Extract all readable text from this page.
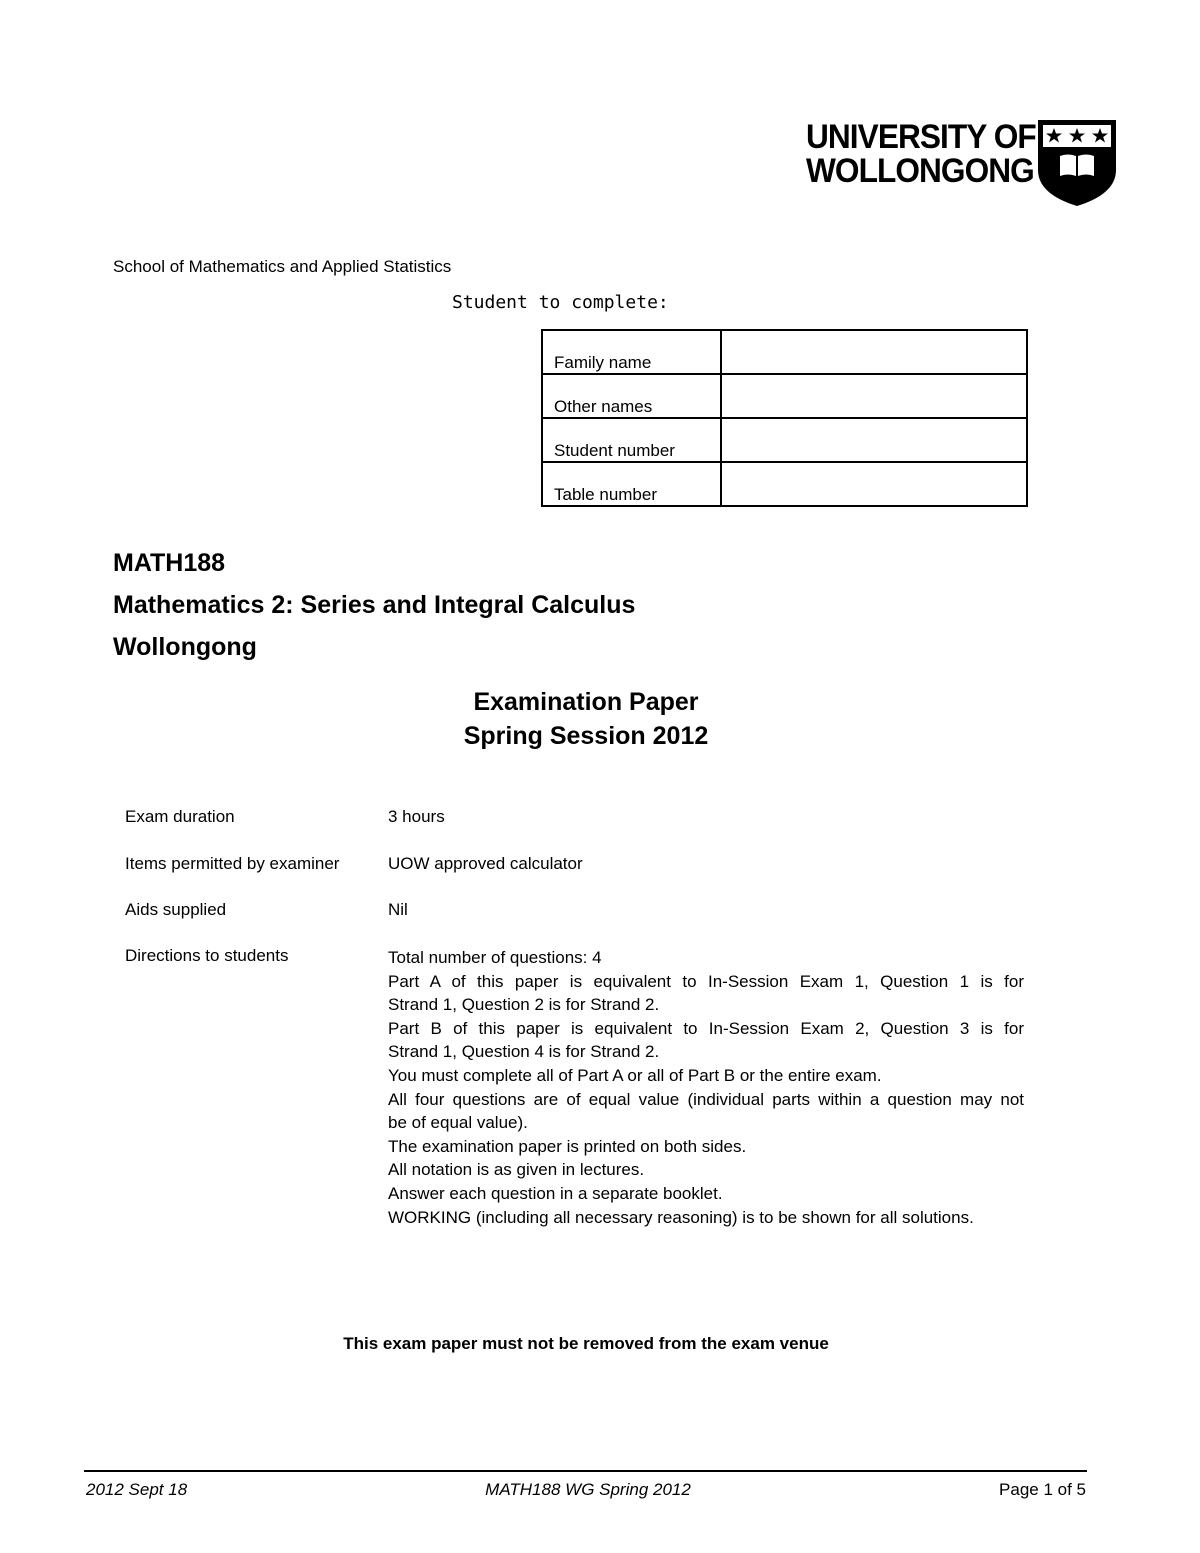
UNIVERSITY OF
WOLLONGONG
School of Mathematics and Applied Statistics
Student to complete:
Family name	
Other names	
Student number	
Table number	
MATH188
Mathematics 2: Series and Integral Calculus
Wollongong
Examination Paper
Spring Session 2012
Exam duration	3 hours
Items permitted by examiner	UOW approved calculator
Aids supplied	Nil
Directions to students	Total number of questions: 4
Part A of this paper is equivalent to In-Session Exam 1, Question 1 is for
Strand 1, Question 2 is for Strand 2.
Part B of this paper is equivalent to In-Session Exam 2, Question 3 is for
Strand 1, Question 4 is for Strand 2.
You must complete all of Part A or all of Part B or the entire exam.
All four questions are of equal value (individual parts within a question may not
be of equal value).
The examination paper is printed on both sides.
All notation is as given in lectures.
Answer each question in a separate booklet.
WORKING (including all necessary reasoning) is to be shown for all solutions.
This exam paper must not be removed from the exam venue
2012 Sept 18	MATH188 WG Spring 2012	Page 1 of 5
